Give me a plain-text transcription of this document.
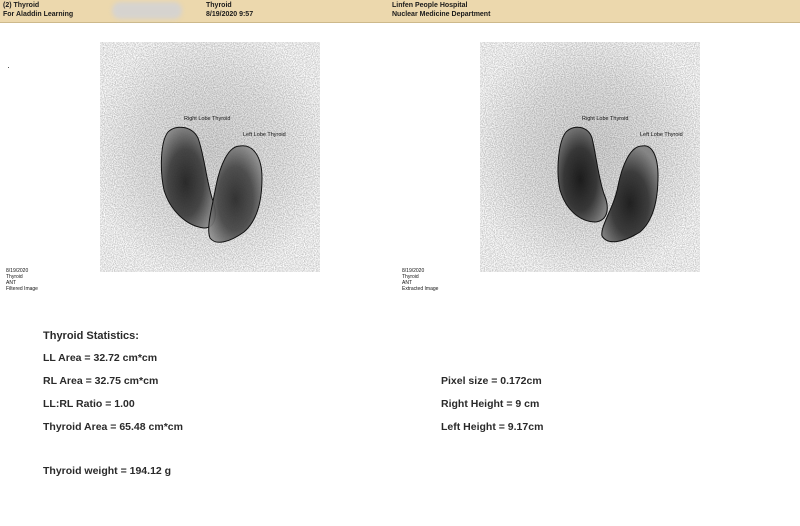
(2) Thyroid
For Aladdin Learning
Thyroid
8/19/2020 9:57
Linfen People Hospital
Nuclear Medicine Department
Right Lobe Thyroid
Left Lobe Thyroid
8/19/2020
Thyroid
ANT
Filtered Image
Right Lobe Thyroid
Left Lobe Thyroid
8/19/2020
Thyroid
ANT
Extracted Image
Thyroid Statistics:
LL Area = 32.72 cm*cm
RL Area = 32.75 cm*cm
LL:RL Ratio = 1.00
Thyroid Area = 65.48 cm*cm
Thyroid weight = 194.12 g
Pixel size = 0.172cm
Right Height = 9 cm
Left Height = 9.17cm
